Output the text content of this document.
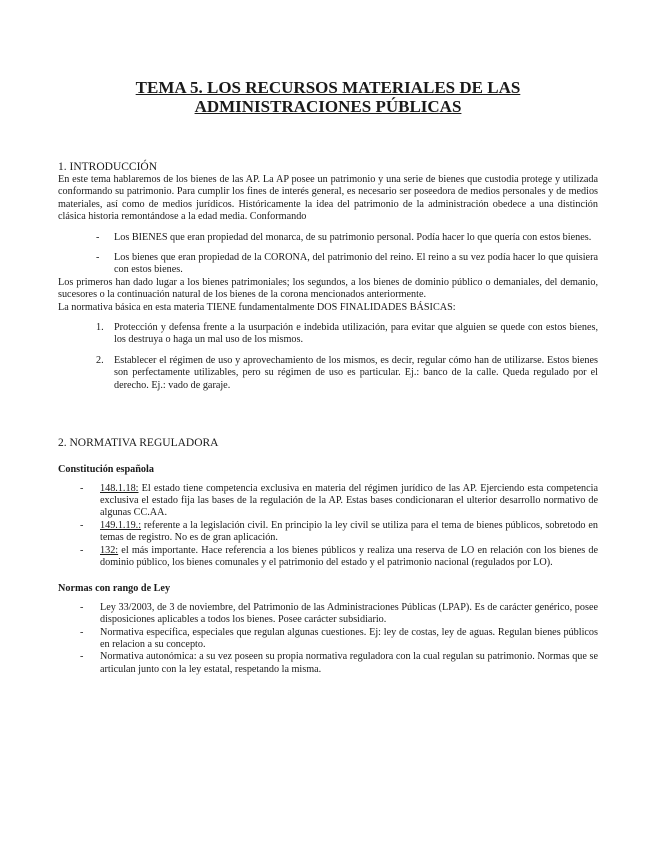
TEMA 5. LOS RECURSOS MATERIALES DE LAS
ADMINISTRACIONES PÚBLICAS
1. INTRODUCCIÓN

En este tema hablaremos de los bienes de las AP. La AP posee un patrimonio y una serie de bienes que custodia protege y utilizada conformando su patrimonio. Para cumplir los fines de interés general, es necesario ser poseedora de medios personales y de medios materiales, así como de medios jurídicos. Históricamente la idea del patrimonio de la administración obedece a una distinción clásica historia remontándose a la edad media. Conformando

- Los BIENES que eran propiedad del monarca, de su patrimonio personal. Podía hacer lo que quería con estos bienes.
- Los bienes que eran propiedad de la CORONA, del patrimonio del reino. El reino a su vez podía hacer lo que quisiera con estos bienes.

Los primeros han dado lugar a los bienes patrimoniales; los segundos, a los bienes de dominio público o demaniales, del demanio, sucesores o la continuación natural de los bienes de la corona mencionados anteriormente.

La normativa básica en esta materia TIENE fundamentalmente DOS FINALIDADES BÁSICAS:

1. Protección y defensa frente a la usurpación e indebida utilización, para evitar que alguien se quede con estos bienes, los destruya o haga un mal uso de los mismos.
2. Establecer el régimen de uso y aprovechamiento de los mismos, es decir, regular cómo han de utilizarse. Estos bienes son perfectamente utilizables, pero su régimen de uso es particular. Ej.: banco de la calle. Queda regulado por el derecho. Ej.: vado de garaje.
2. NORMATIVA REGULADORA
Constitución española
- 148.1.18: El estado tiene competencia exclusiva en materia del régimen jurídico de las AP. Ejerciendo esta competencia exclusiva el estado fija las bases de la regulación de la AP. Estas bases condicionaran el ulterior desarrollo normativo de algunas CC.AA.
- 149.1.19.: referente a la legislación civil. En principio la ley civil se utiliza para el tema de bienes públicos, sobretodo en temas de registro. No es de gran aplicación.
- 132: el más importante. Hace referencia a los bienes públicos y realiza una reserva de LO en relación con los bienes de dominio público, los bienes comunales y el patrimonio del estado y el patrimonio nacional (regulados por LO).
Normas con rango de Ley
- Ley 33/2003, de 3 de noviembre, del Patrimonio de las Administraciones Públicas (LPAP). Es de carácter genérico, posee disposiciones aplicables a todos los bienes. Posee carácter subsidiario.
- Normativa específica, especiales que regulan algunas cuestiones. Ej: ley de costas, ley de aguas. Regulan bienes públicos en relacion a su concepto.
- Normativa autonómica: a su vez poseen su propia normativa reguladora con la cual regulan su patrimonio. Normas que se articulan junto con la ley estatal, respetando la misma.
